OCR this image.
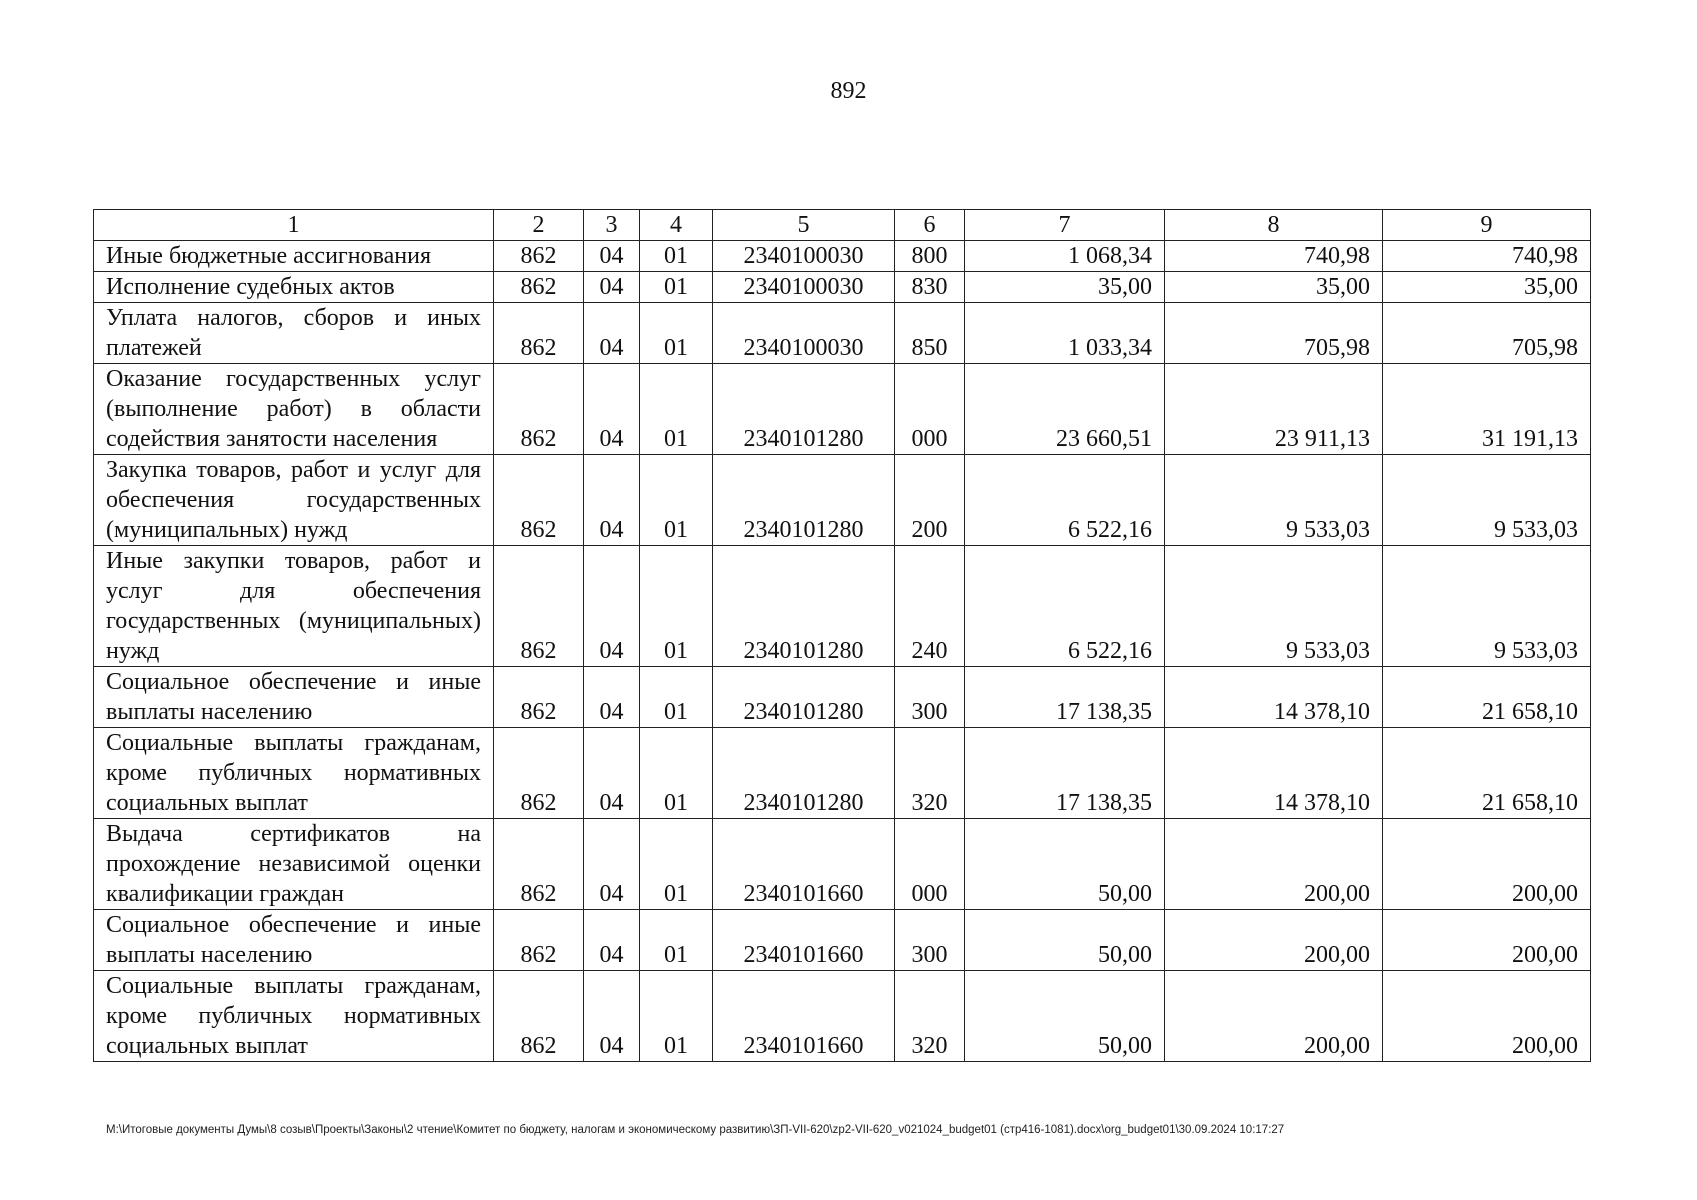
892
1	2	3	4	5	6	7	8	9
Иные бюджетные ассигнования	862	04	01	2340100030	800	1 068,34	740,98	740,98
Исполнение судебных актов	862	04	01	2340100030	830	35,00	35,00	35,00
Уплата налогов, сборов и иных платежей	862	04	01	2340100030	850	1 033,34	705,98	705,98
Оказание государственных услуг (выполнение работ) в области содействия занятости населения	862	04	01	2340101280	000	23 660,51	23 911,13	31 191,13
Закупка товаров, работ и услуг для обеспечения государственных (муниципальных) нужд	862	04	01	2340101280	200	6 522,16	9 533,03	9 533,03
Иные закупки товаров, работ и услуг для обеспечения государственных (муниципальных) нужд	862	04	01	2340101280	240	6 522,16	9 533,03	9 533,03
Социальное обеспечение и иные выплаты населению	862	04	01	2340101280	300	17 138,35	14 378,10	21 658,10
Социальные выплаты гражданам, кроме публичных нормативных социальных выплат	862	04	01	2340101280	320	17 138,35	14 378,10	21 658,10
Выдача сертификатов на прохождение независимой оценки квалификации граждан	862	04	01	2340101660	000	50,00	200,00	200,00
Социальное обеспечение и иные выплаты населению	862	04	01	2340101660	300	50,00	200,00	200,00
Социальные выплаты гражданам, кроме публичных нормативных социальных выплат	862	04	01	2340101660	320	50,00	200,00	200,00
M:\Итоговые документы Думы\8 созыв\Проекты\Законы\2 чтение\Комитет по бюджету, налогам и экономическому развитию\ЗП-VII-620\zp2-VII-620_v021024_budget01 (стр416-1081).docx\org_budget01\30.09.2024 10:17:27
